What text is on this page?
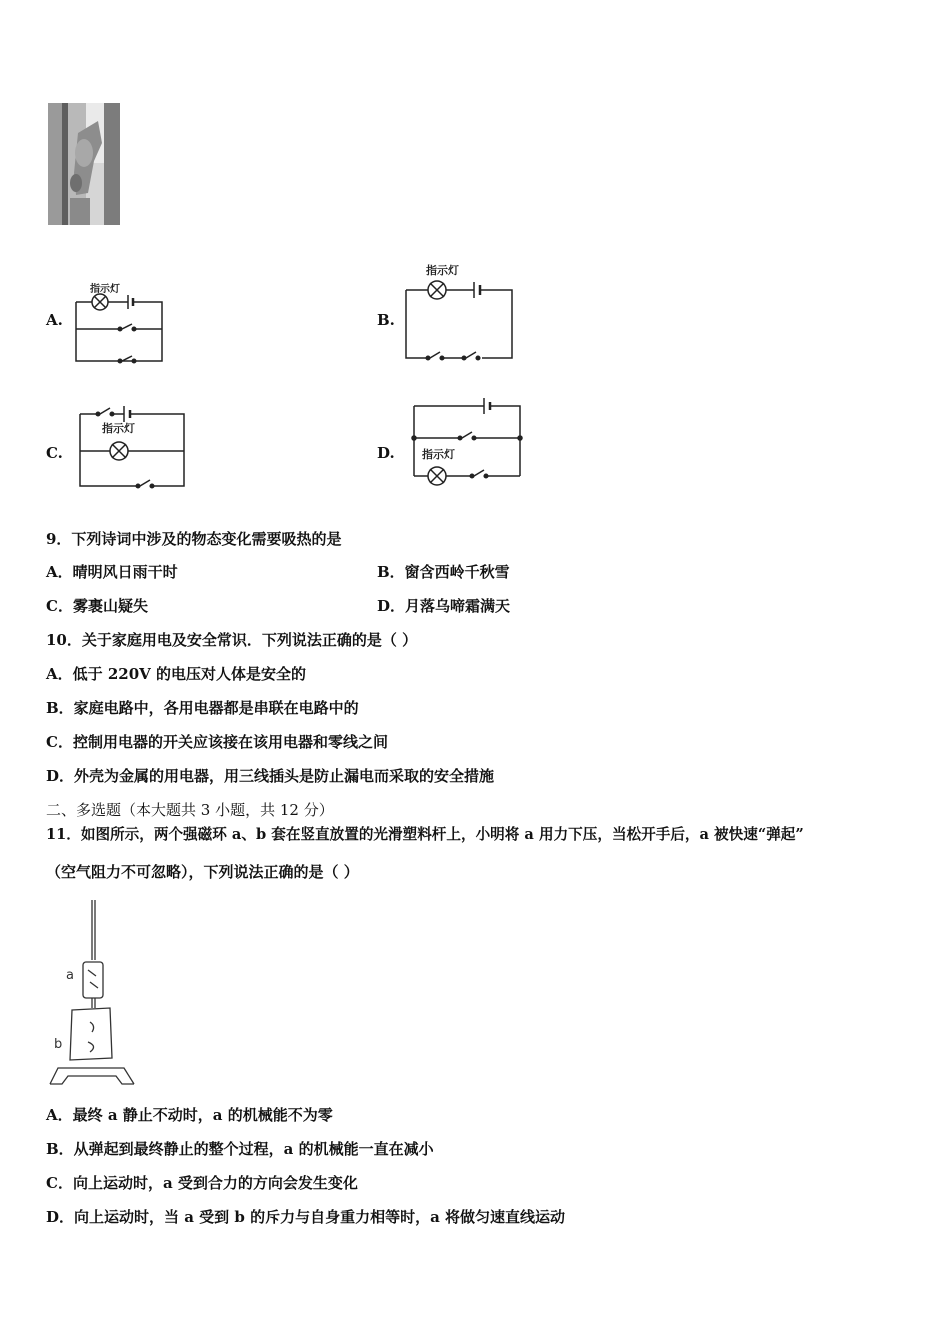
A.	B.
C.	D.
指示灯
指示灯
指示灯
指示灯
9．下列诗词中涉及的物态变化需要吸热的是
A．晴明风日雨干时	B．窗含西岭千秋雪
C．雾裹山疑失	D．月落乌啼霜满天
10．关于家庭用电及安全常识．下列说法正确的是（ ）
A．低于 220V 的电压对人体是安全的
B．家庭电路中，各用电器都是串联在电路中的
C．控制用电器的开关应该接在该用电器和零线之间
D．外壳为金属的用电器，用三线插头是防止漏电而采取的安全措施
二、多选题（本大题共 3 小题，共 12 分）
11．如图所示，两个强磁环 a、b 套在竖直放置的光滑塑料杆上，小明将 a 用力下压，当松开手后，a 被快速“弹起”
（空气阻力不可忽略），下列说法正确的是（ ）
a
b
A．最终 a 静止不动时，a 的机械能不为零
B．从弹起到最终静止的整个过程，a 的机械能一直在减小
C．向上运动时，a 受到合力的方向会发生变化
D．向上运动时，当 a 受到 b 的斥力与自身重力相等时，a 将做匀速直线运动
